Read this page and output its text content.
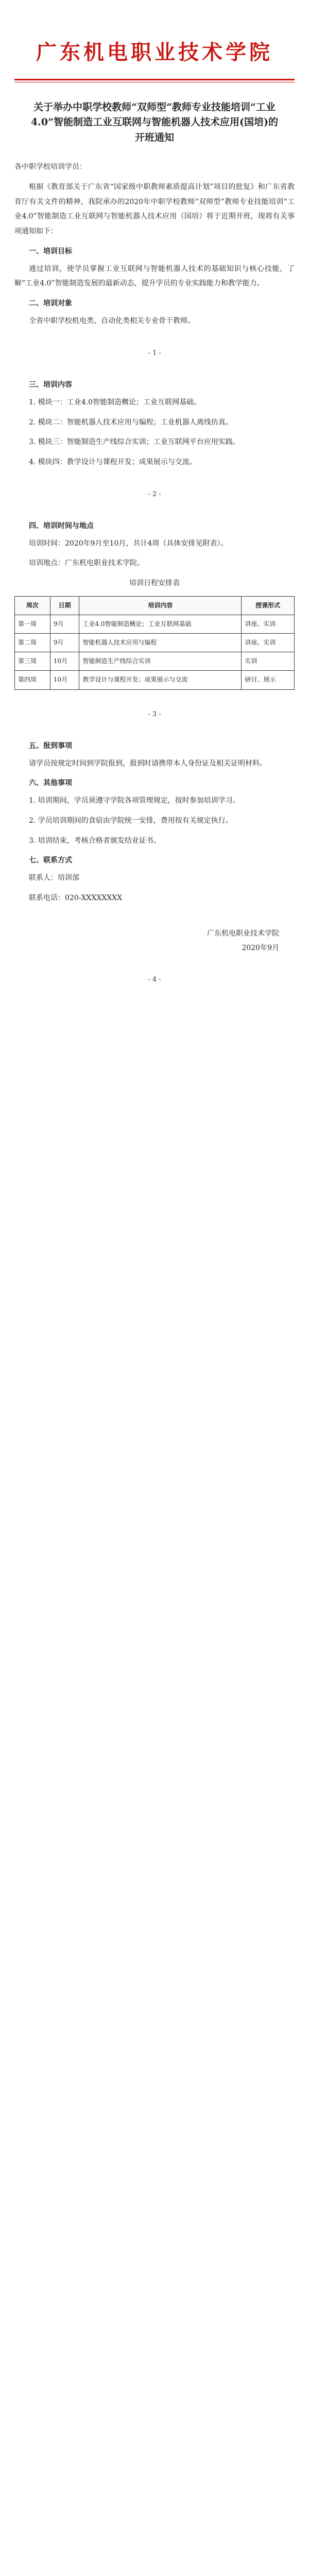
广东机电职业技术学院
关于举办中职学校教师“双师型”教师专业技能培训“工业4.0”智能制造工业互联网与智能机器人技术应用(国培)的开班通知
各中职学校培训学员：
根据《教育部关于广东省“国家级中职教师素质提高计划”项目的批复》和广东省教育厅有关文件的精神，我院承办的2020年中职学校教师“双师型”教师专业技能培训“工业4.0”智能制造工业互联网与智能机器人技术应用（国培）将于近期开班，现将有关事项通知如下：
一、培训目标
通过培训，使学员掌握工业互联网与智能机器人技术的基础知识与核心技能，了解“工业4.0”智能制造发展的最新动态，提升学员的专业实践能力和教学能力。
二、培训对象
全省中职学校机电类、自动化类相关专业骨干教师。
- 1 -
三、培训内容
1. 模块一：工业4.0智能制造概论；工业互联网基础。
2. 模块二：智能机器人技术应用与编程；工业机器人离线仿真。
3. 模块三：智能制造生产线综合实训；工业互联网平台应用实践。
4. 模块四：教学设计与课程开发；成果展示与交流。
- 2 -
四、培训时间与地点
培训时间：2020年9月至10月，共计4周（具体安排见附表）。
培训地点：广东机电职业技术学院。
培训日程安排表
周次	日期	培训内容	授课形式
第一周	9月	工业4.0智能制造概论；工业互联网基础	讲座、实训
第二周	9月	智能机器人技术应用与编程	讲座、实训
第三周	10月	智能制造生产线综合实训	实训
第四周	10月	教学设计与课程开发；成果展示与交流	研讨、展示
- 3 -
五、报到事项
请学员按规定时间到学院报到，报到时请携带本人身份证及相关证明材料。
六、其他事项
1. 培训期间，学员须遵守学院各项管理规定，按时参加培训学习。
2. 学员培训期间的食宿由学院统一安排，费用按有关规定执行。
3. 培训结束，考核合格者颁发结业证书。
七、联系方式
联系人：培训部
联系电话：020-XXXXXXXX
广东机电职业技术学院
2020年9月
- 4 -
